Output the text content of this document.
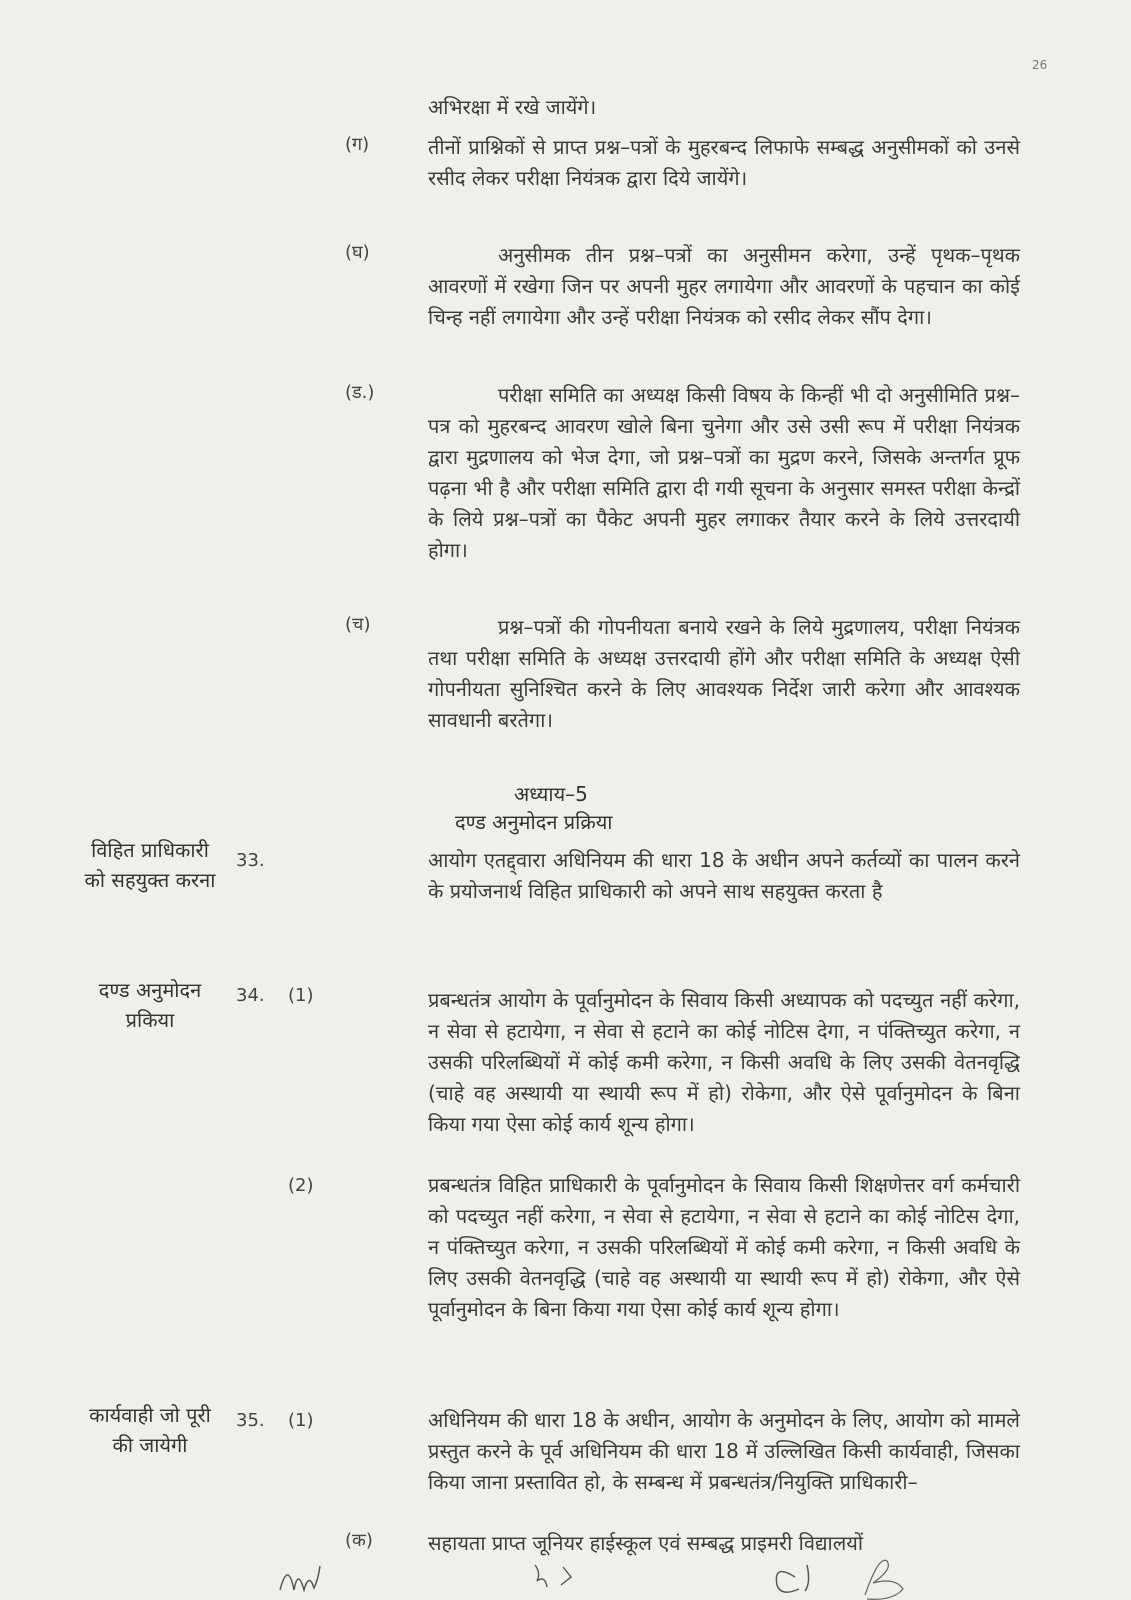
26
अभिरक्षा में रखे जायेंगे।
(ग)	तीनों प्राश्निकों से प्राप्त प्रश्न–पत्रों के मुहरबन्द लिफाफे सम्बद्ध अनुसीमकों को उनसे रसीद लेकर परीक्षा नियंत्रक द्वारा दिये जायेंगे।
(घ)	अनुसीमक तीन प्रश्न–पत्रों का अनुसीमन करेगा, उन्हें पृथक–पृथक आवरणों में रखेगा जिन पर अपनी मुहर लगायेगा और आवरणों के पहचान का कोई चिन्ह नहीं लगायेगा और उन्हें परीक्षा नियंत्रक को रसीद लेकर सौंप देगा।
(ड.)	परीक्षा समिति का अध्यक्ष किसी विषय के किन्हीं भी दो अनुसीमिति प्रश्न–पत्र को मुहरबन्द आवरण खोले बिना चुनेगा और उसे उसी रूप में परीक्षा नियंत्रक द्वारा मुद्रणालय को भेज देगा, जो प्रश्न–पत्रों का मुद्रण करने, जिसके अन्तर्गत प्रूफ पढ़ना भी है और परीक्षा समिति द्वारा दी गयी सूचना के अनुसार समस्त परीक्षा केन्द्रों के लिये प्रश्न–पत्रों का पैकेट अपनी मुहर लगाकर तैयार करने के लिये उत्तरदायी होगा।
(च)	प्रश्न–पत्रों की गोपनीयता बनाये रखने के लिये मुद्रणालय, परीक्षा नियंत्रक तथा परीक्षा समिति के अध्यक्ष उत्तरदायी होंगे और परीक्षा समिति के अध्यक्ष ऐसी गोपनीयता सुनिश्चित करने के लिए आवश्यक निर्देश जारी करेगा और आवश्यक सावधानी बरतेगा।
अध्याय–5
दण्ड अनुमोदन प्रक्रिया
विहित प्राधिकारी को सहयुक्त करना
33.	आयोग एतद्द्वारा अधिनियम की धारा 18 के अधीन अपने कर्तव्यों का पालन करने के प्रयोजनार्थ विहित प्राधिकारी को अपने साथ सहयुक्त करता है
दण्ड अनुमोदन प्रकिया
34. (1)	प्रबन्धतंत्र आयोग के पूर्वानुमोदन के सिवाय किसी अध्यापक को पदच्युत नहीं करेगा, न सेवा से हटायेगा, न सेवा से हटाने का कोई नोटिस देगा, न पंक्तिच्युत करेगा, न उसकी परिलब्धियों में कोई कमी करेगा, न किसी अवधि के लिए उसकी वेतनवृद्धि (चाहे वह अस्थायी या स्थायी रूप में हो) रोकेगा, और ऐसे पूर्वानुमोदन के बिना किया गया ऐसा कोई कार्य शून्य होगा।
(2)	प्रबन्धतंत्र विहित प्राधिकारी के पूर्वानुमोदन के सिवाय किसी शिक्षणेत्तर वर्ग कर्मचारी को पदच्युत नहीं करेगा, न सेवा से हटायेगा, न सेवा से हटाने का कोई नोटिस देगा, न पंक्तिच्युत करेगा, न उसकी परिलब्धियों में कोई कमी करेगा, न किसी अवधि के लिए उसकी वेतनवृद्धि (चाहे वह अस्थायी या स्थायी रूप में हो) रोकेगा, और ऐसे पूर्वानुमोदन के बिना किया गया ऐसा कोई कार्य शून्य होगा।
कार्यवाही जो पूरी की जायेगी
35. (1)	अधिनियम की धारा 18 के अधीन, आयोग के अनुमोदन के लिए, आयोग को मामले प्रस्तुत करने के पूर्व अधिनियम की धारा 18 में उल्लिखित किसी कार्यवाही, जिसका किया जाना प्रस्तावित हो, के सम्बन्ध में प्रबन्धतंत्र/नियुक्ति प्राधिकारी–
(क)	सहायता प्राप्त जूनियर हाईस्कूल एवं सम्बद्ध प्राइमरी विद्यालयों
